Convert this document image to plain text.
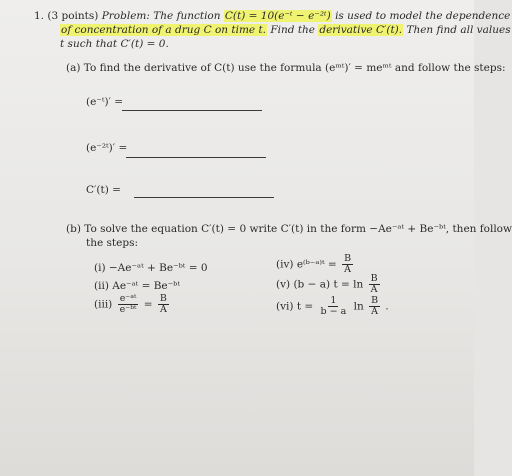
1. (3 points) Problem: The function C(t) = 10(e⁻ᵗ − e⁻²ᵗ) is used to model the dependence
of concentration of a drug C on time t. Find the derivative C′(t). Then find all values
t such that C′(t) = 0.
(a) To find the derivative of C(t) use the formula (eᵐᵗ)′ = meᵐᵗ and follow the steps:
(e⁻ᵗ)′ =
(e⁻²ᵗ)′ =
C′(t) =
(b) To solve the equation C′(t) = 0 write C′(t) in the form −Ae⁻ᵃᵗ + Be⁻ᵇᵗ, then follow
the steps:
(i) −Ae⁻ᵃᵗ + Be⁻ᵇᵗ = 0
(ii) Ae⁻ᵃᵗ = Be⁻ᵇᵗ
$(iii) \frac{\text{e⁻ᵃᵗ}}{\text{e⁻ᵇᵗ}} = \frac{B}{A}$
(iv) e⁽ᵇ⁻ᵃ⁾ᵗ = $\frac{B}{A}$
(v) (b − a) $t = \ln \frac{B}{A}$
(vi) $t = \frac{1}{b - a}$ $\ln \frac{B}{A}$ .
